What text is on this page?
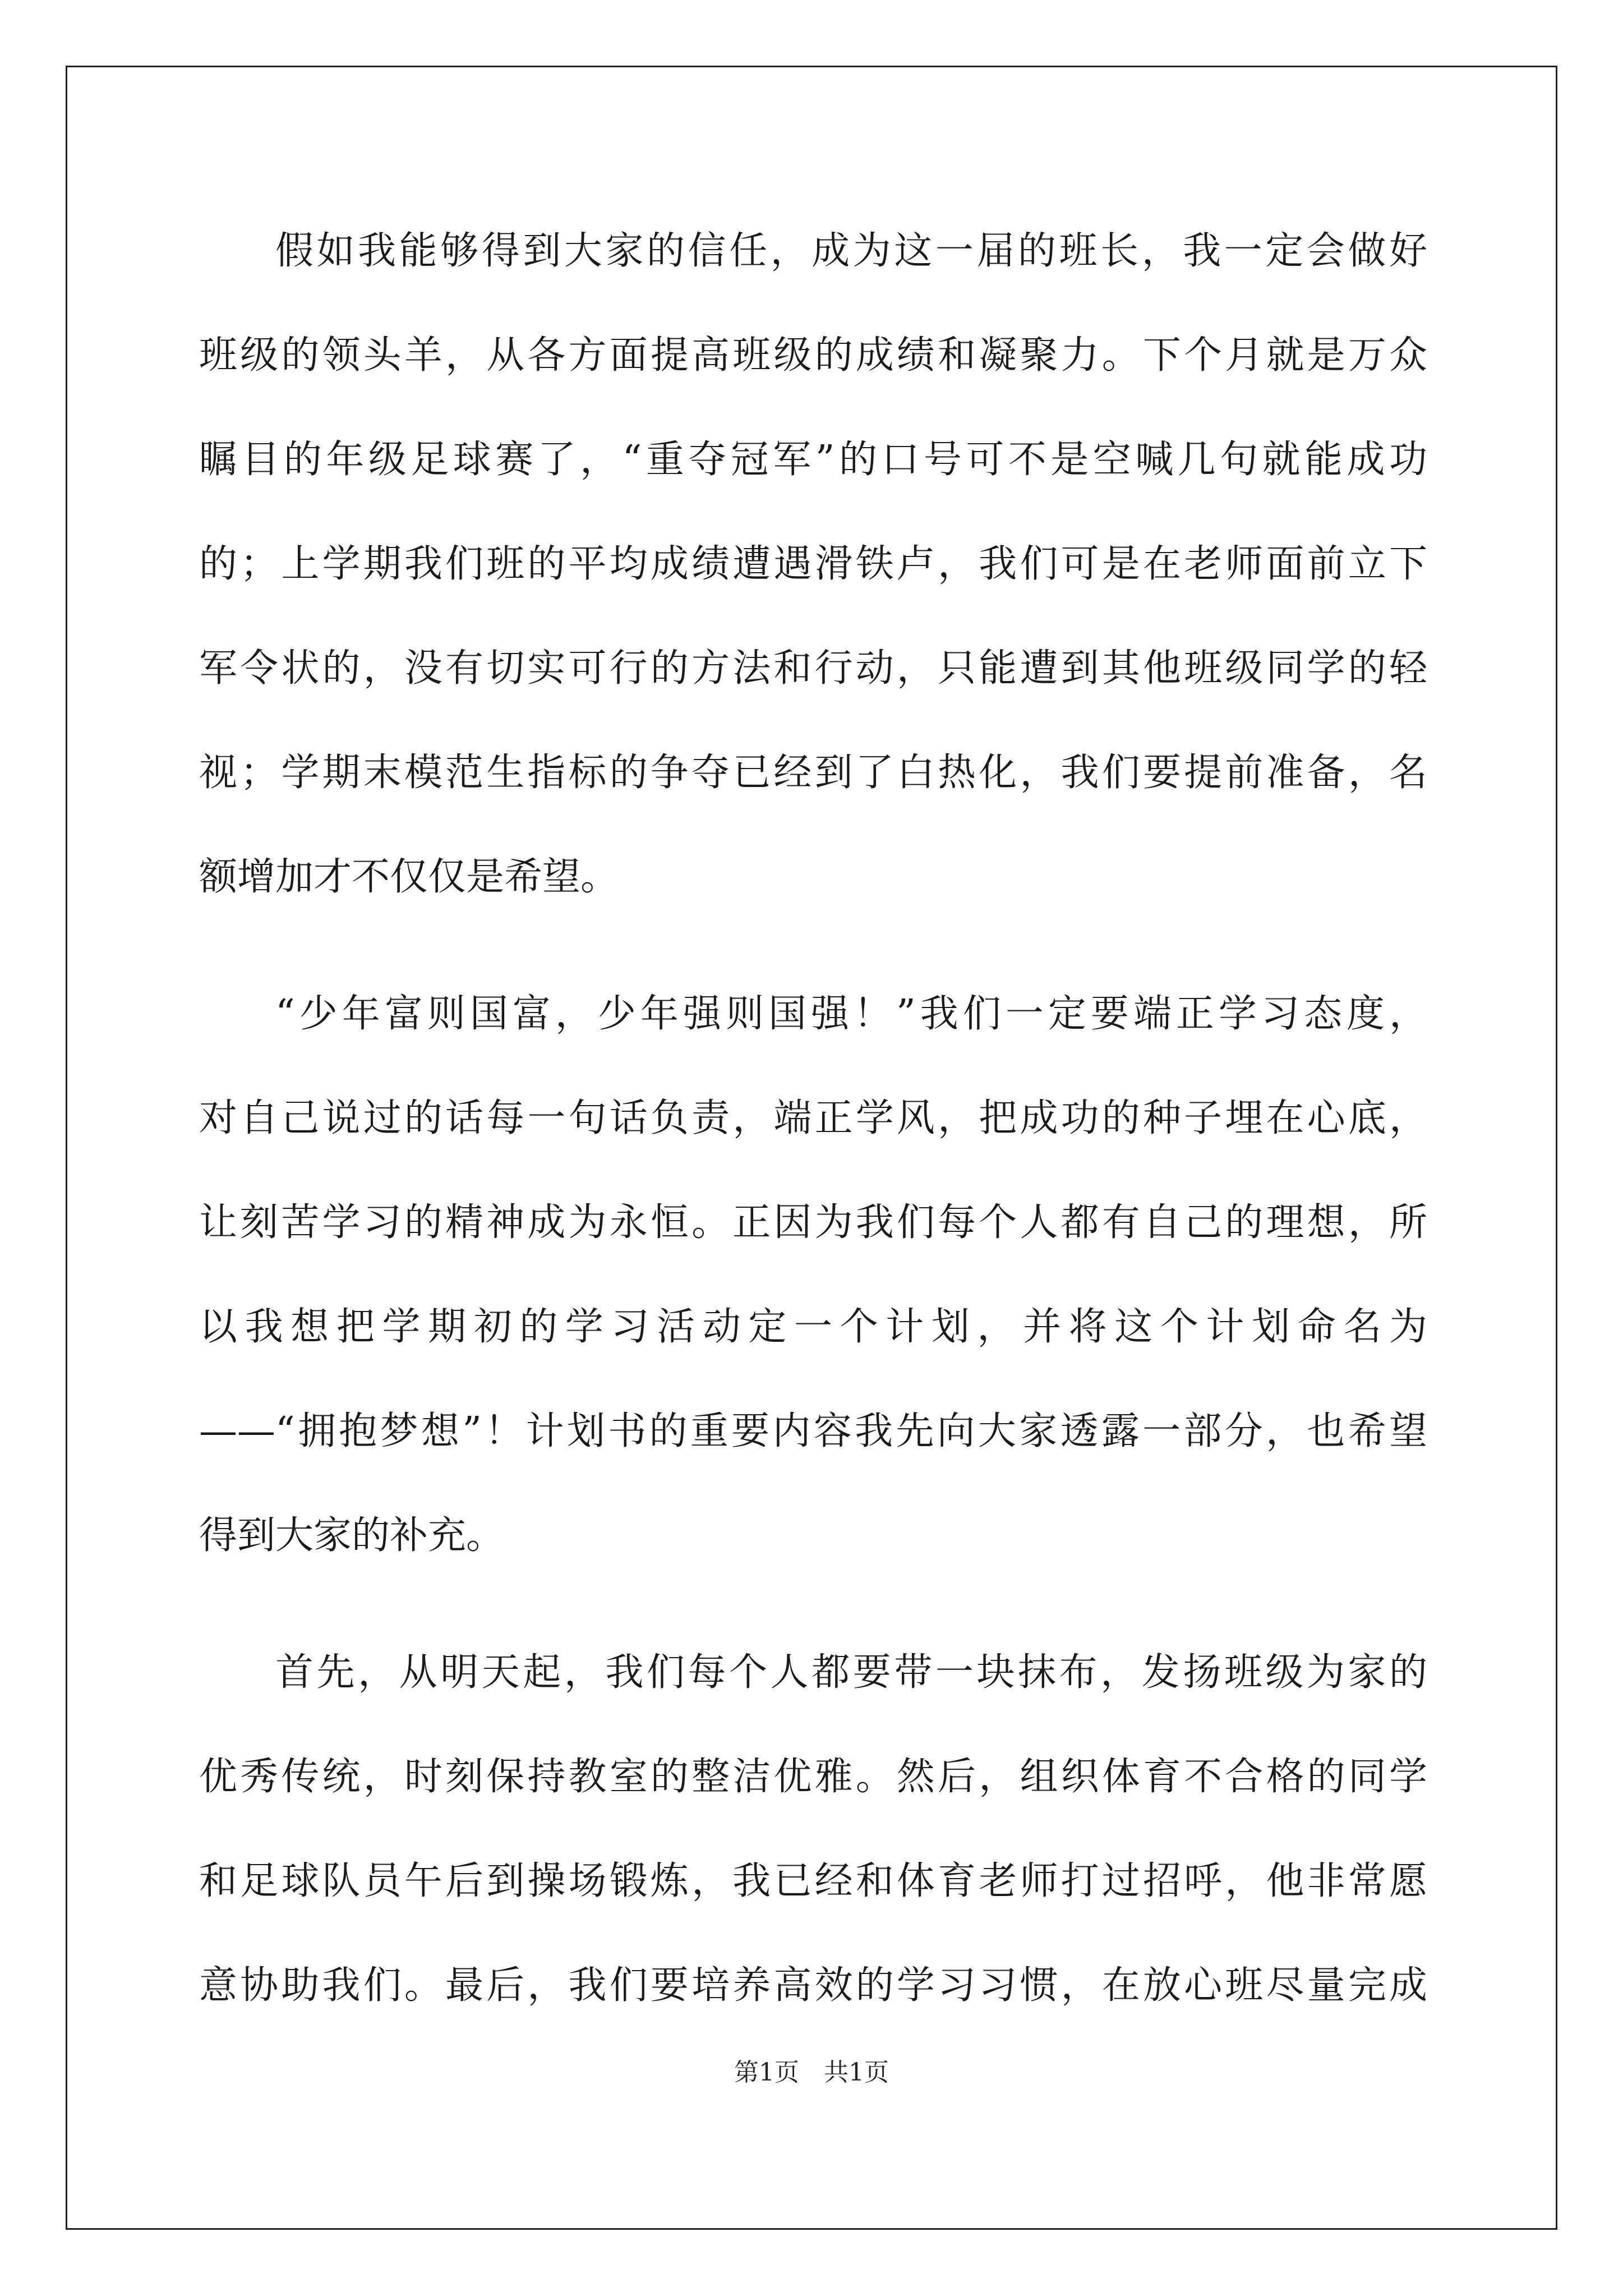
假如我能够得到大家的信任，成为这一届的班长，我一定会做好
班级的领头羊，从各方面提高班级的成绩和凝聚力。下个月就是万众
瞩目的年级足球赛了，“重夺冠军”的口号可不是空喊几句就能成功
的；上学期我们班的平均成绩遭遇滑铁卢，我们可是在老师面前立下
军令状的，没有切实可行的方法和行动，只能遭到其他班级同学的轻
视；学期末模范生指标的争夺已经到了白热化，我们要提前准备，名
额增加才不仅仅是希望。
“少年富则国富，少年强则国强！”我们一定要端正学习态度，
对自己说过的话每一句话负责，端正学风，把成功的种子埋在心底，
让刻苦学习的精神成为永恒。正因为我们每个人都有自己的理想，所
以我想把学期初的学习活动定一个计划，并将这个计划命名为
——“拥抱梦想”！计划书的重要内容我先向大家透露一部分，也希望
得到大家的补充。
首先，从明天起，我们每个人都要带一块抹布，发扬班级为家的
优秀传统，时刻保持教室的整洁优雅。然后，组织体育不合格的同学
和足球队员午后到操场锻炼，我已经和体育老师打过招呼，他非常愿
意协助我们。最后，我们要培养高效的学习习惯，在放心班尽量完成
第1页　共1页
